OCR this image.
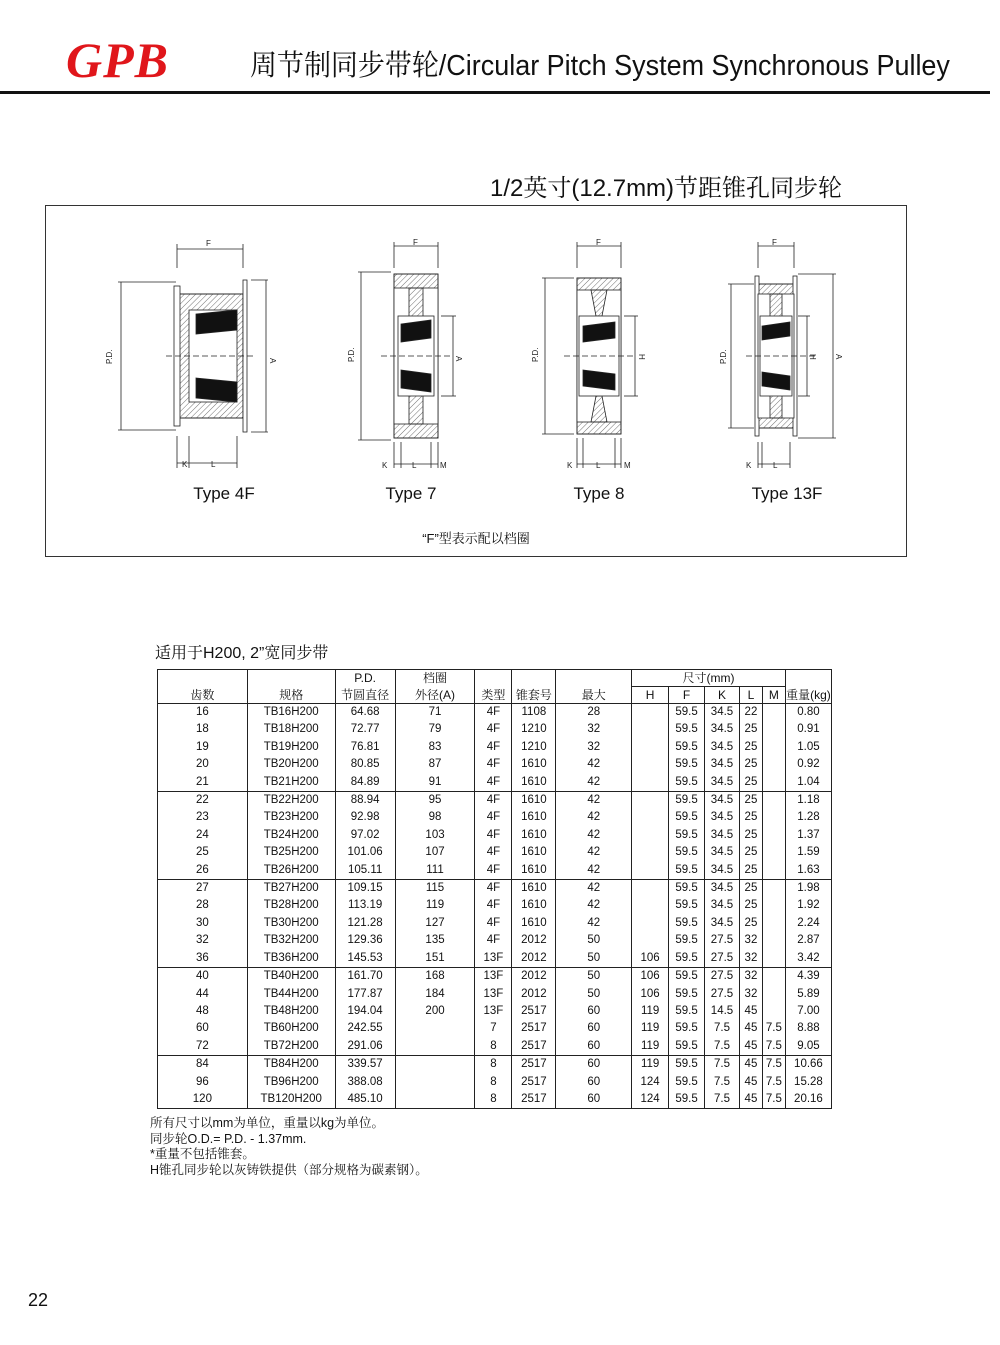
GPB	周节制同步带轮/Circular Pitch System Synchronous Pulley
1/2英寸(12.7mm)节距锥孔同步轮
F
P.D.	A
K	L
F
P.D.	A
K	L	M
F
P.D.	H
K	L	M
F
P.D.	H A
K	L
Type 4F	Type 7	Type 8	Type 13F
“F”型表示配以档圈
适用于H200, 2”宽同步带
		P.D.	档圈				尺寸(mm)					
齿数	规格	节圆直径	外径(A)	类型	锥套号	最大	H	F	K	L	M	重量(kg)
16	TB16H200	64.68	71	4F	1108	28		59.5	34.5	22		0.80
18	TB18H200	72.77	79	4F	1210	32		59.5	34.5	25		0.91
19	TB19H200	76.81	83	4F	1210	32		59.5	34.5	25		1.05
20	TB20H200	80.85	87	4F	1610	42		59.5	34.5	25		0.92
21	TB21H200	84.89	91	4F	1610	42		59.5	34.5	25		1.04
22	TB22H200	88.94	95	4F	1610	42		59.5	34.5	25		1.18
23	TB23H200	92.98	98	4F	1610	42		59.5	34.5	25		1.28
24	TB24H200	97.02	103	4F	1610	42		59.5	34.5	25		1.37
25	TB25H200	101.06	107	4F	1610	42		59.5	34.5	25		1.59
26	TB26H200	105.11	111	4F	1610	42		59.5	34.5	25		1.63
27	TB27H200	109.15	115	4F	1610	42		59.5	34.5	25		1.98
28	TB28H200	113.19	119	4F	1610	42		59.5	34.5	25		1.92
30	TB30H200	121.28	127	4F	1610	42		59.5	34.5	25		2.24
32	TB32H200	129.36	135	4F	2012	50		59.5	27.5	32		2.87
36	TB36H200	145.53	151	13F	2012	50	106	59.5	27.5	32		3.42
40	TB40H200	161.70	168	13F	2012	50	106	59.5	27.5	32		4.39
44	TB44H200	177.87	184	13F	2012	50	106	59.5	27.5	32		5.89
48	TB48H200	194.04	200	13F	2517	60	119	59.5	14.5	45		7.00
60	TB60H200	242.55		7	2517	60	119	59.5	7.5	45	7.5	8.88
72	TB72H200	291.06		8	2517	60	119	59.5	7.5	45	7.5	9.05
84	TB84H200	339.57		8	2517	60	119	59.5	7.5	45	7.5	10.66
96	TB96H200	388.08		8	2517	60	124	59.5	7.5	45	7.5	15.28
120	TB120H200	485.10		8	2517	60	124	59.5	7.5	45	7.5	20.16
所有尺寸以mm为单位，重量以kg为单位。
同步轮O.D.= P.D. - 1.37mm.
*重量不包括锥套。
H锥孔同步轮以灰铸铁提供（部分规格为碳素钢）。
22
